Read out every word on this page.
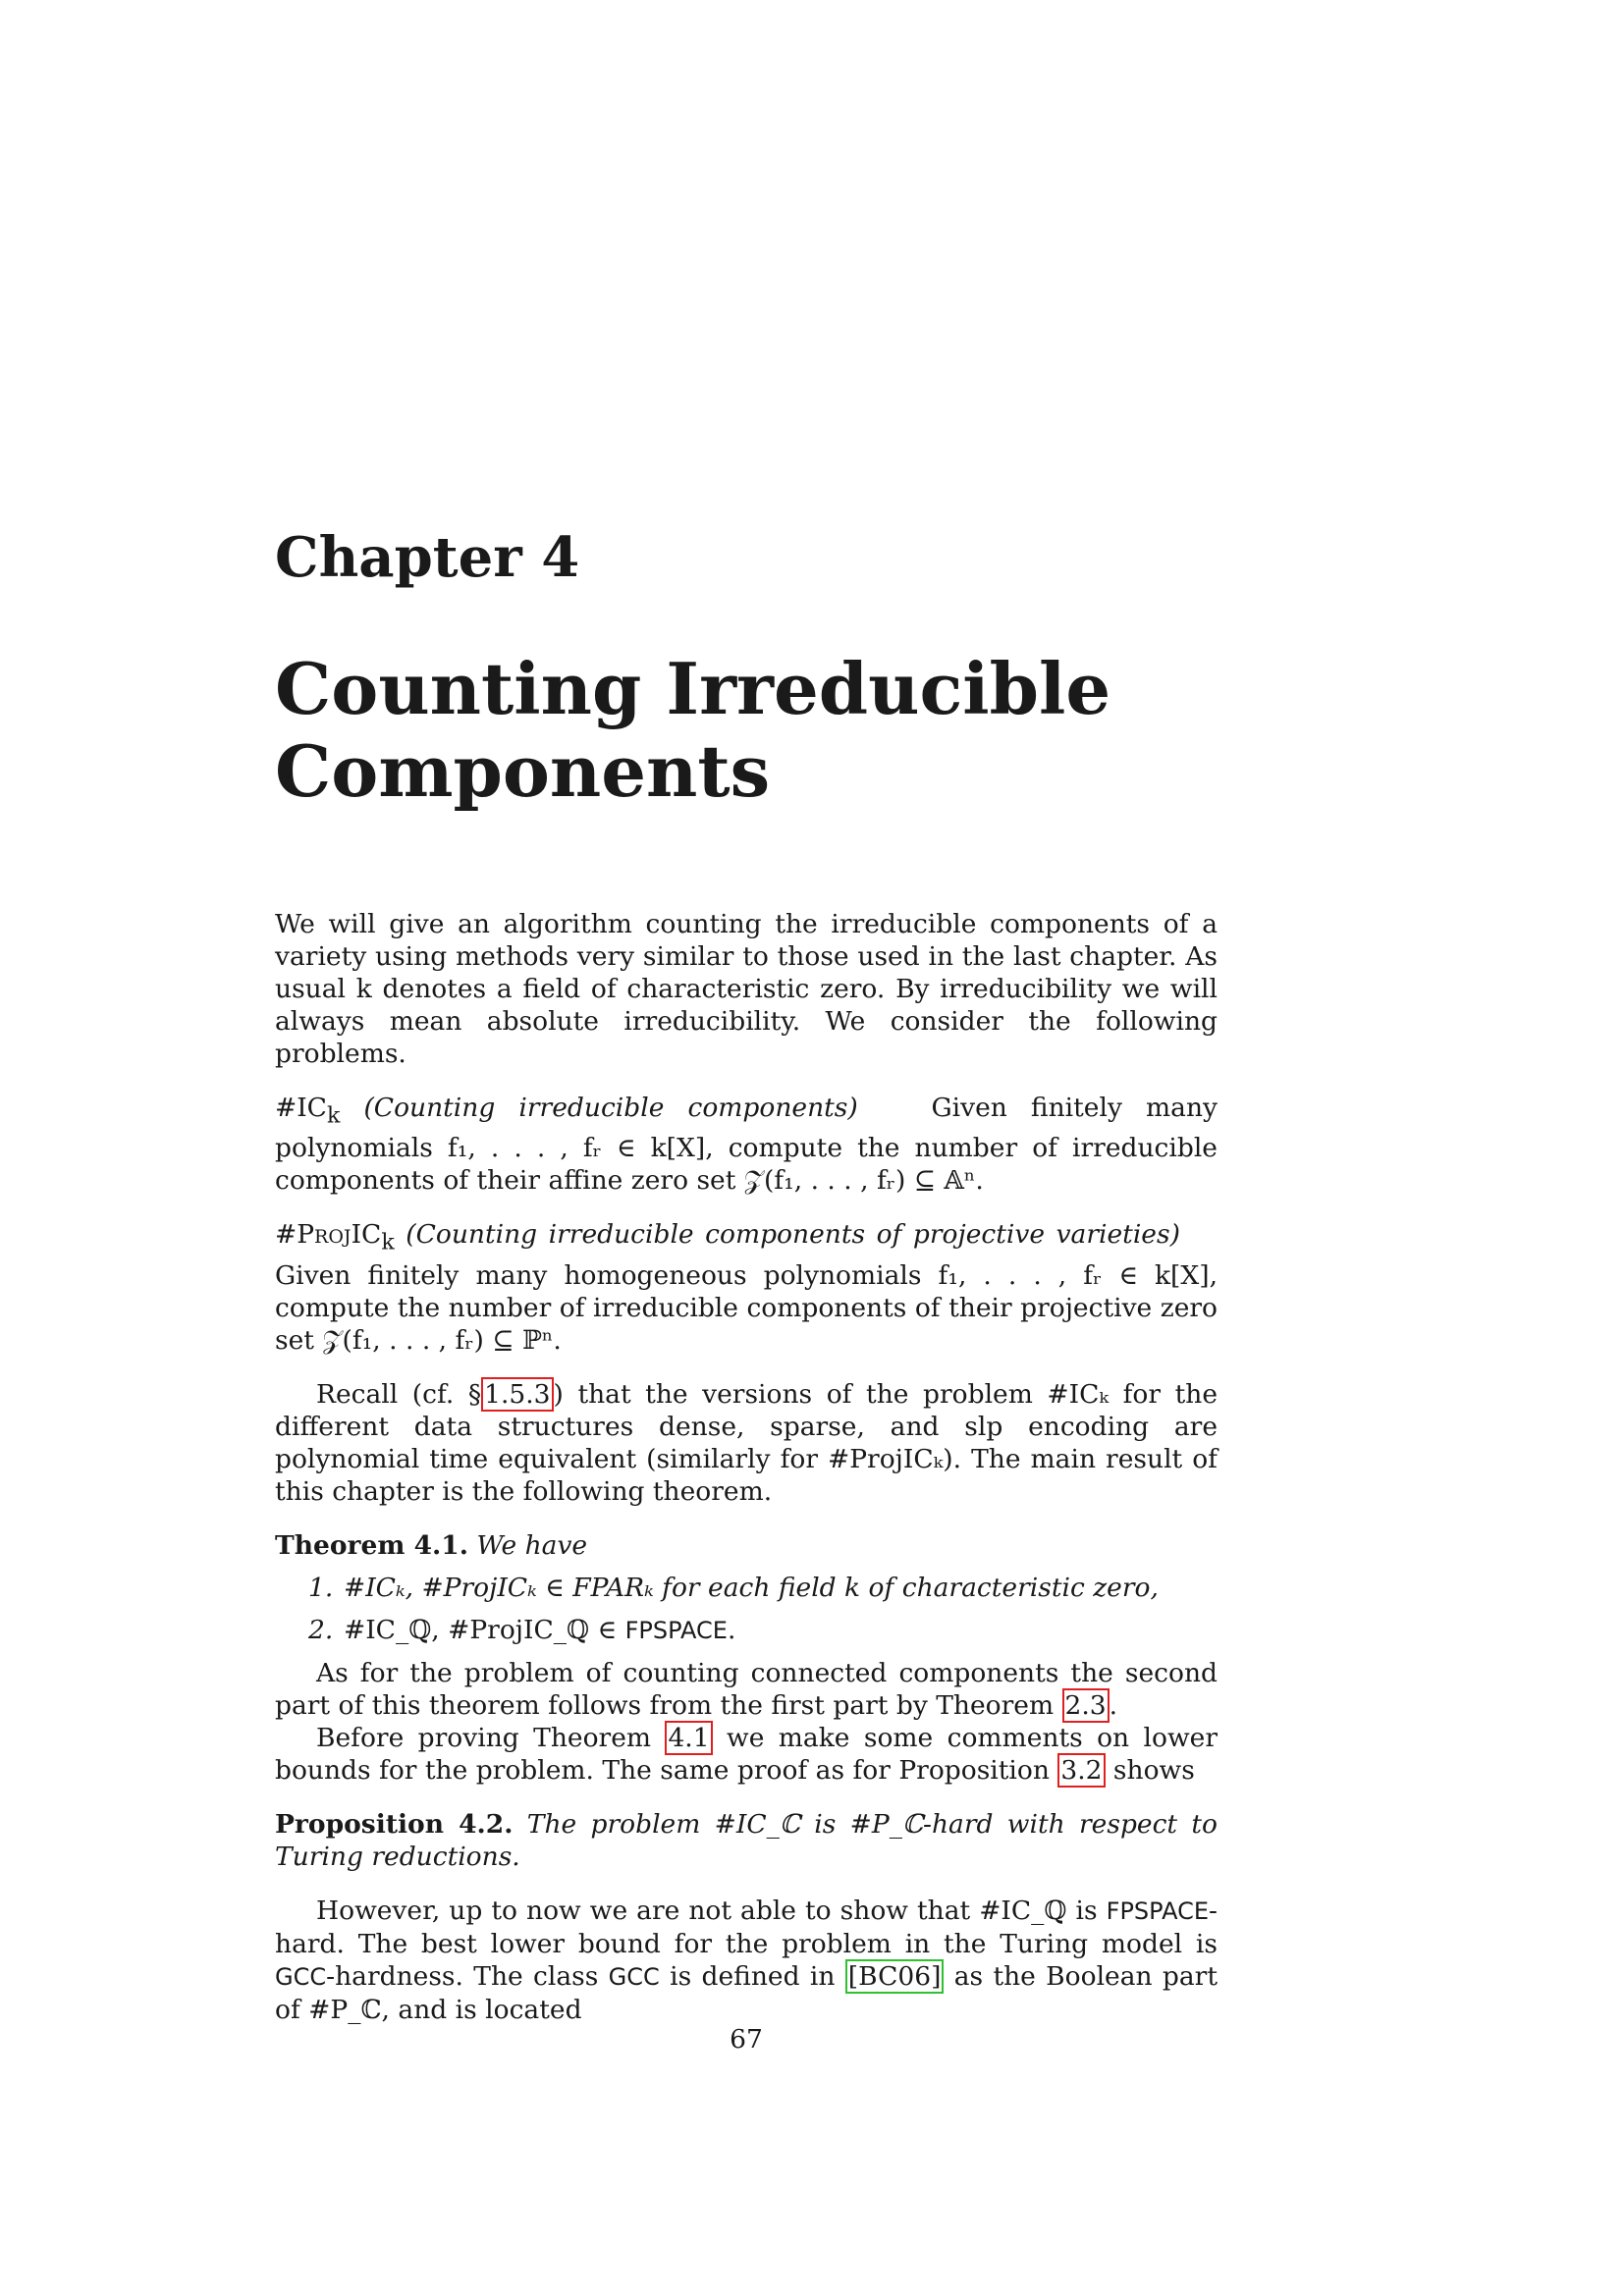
Chapter 4
Counting Irreducible
Components

We will give an algorithm counting the irreducible components of a variety using methods very similar to those used in the last chapter. As usual k denotes a field of characteristic zero. By irreducibility we will always mean absolute irreducibility. We consider the following problems.

$\#IC_k$ (Counting irreducible components)  	Given finitely many polynomials f₁, . . . , fᵣ ∈ k[X], compute the number of irreducible components of their affine zero set 𝒵(f₁, . . . , fᵣ) ⊆ 𝔸ⁿ.

#ProjIC$_k$ (Counting irreducible components of projective varieties)   Given finitely many homogeneous polynomials f₁, . . . , fᵣ ∈ k[X], compute the number of irreducible components of their projective zero set 𝒵(f₁, . . . , fᵣ) ⊆ ℙⁿ.

Recall (cf. § 1.5.3 ) that the versions of the problem #ICₖ for the different data structures dense, sparse, and slp encoding are polynomial time equivalent (similarly for #ProjICₖ). The main result of this chapter is the following theorem.

Theorem 4.1. We have

1. #ICₖ, #ProjICₖ ∈ FPARₖ for each field k of characteristic zero,

2. #IC_ℚ, #ProjIC_ℚ ∈ FPSPACE.

As for the problem of counting connected components the second part of this theorem follows from the first part by Theorem 2.3 .

Before proving Theorem 4.1 we make some comments on lower bounds for the problem. The same proof as for Proposition 3.2 shows

Proposition 4.2. The problem #IC_ℂ is #P_ℂ-hard with respect to Turing reductions.

However, up to now we are not able to show that #IC_ℚ is FPSPACE-hard. The best lower bound for the problem in the Turing model is GCC-hardness. The class GCC is defined in [BC06] as the Boolean part of #P_ℂ, and is located

67
